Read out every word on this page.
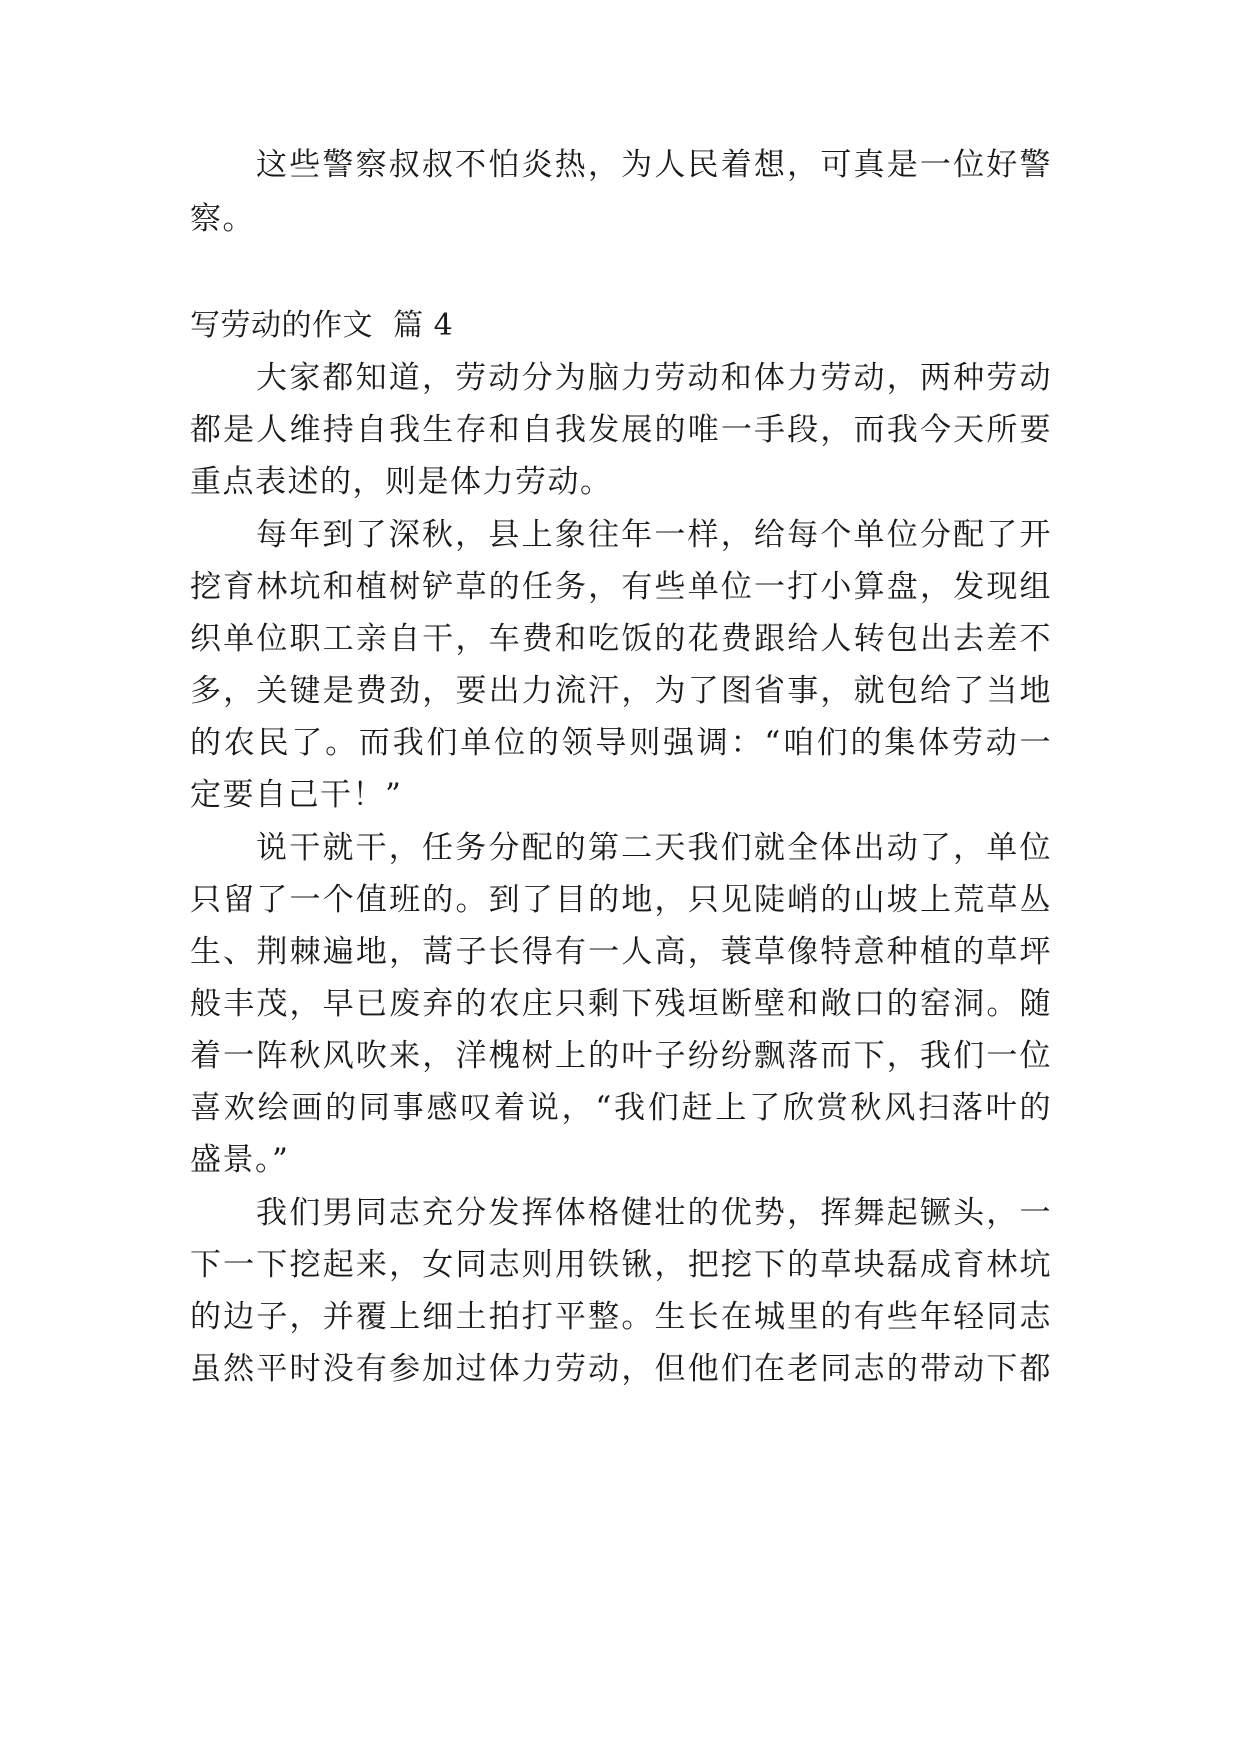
这些警察叔叔不怕炎热，为人民着想，可真是一位好警
察。
写劳动的作文  篇 4
大家都知道，劳动分为脑力劳动和体力劳动，两种劳动
都是人维持自我生存和自我发展的唯一手段，而我今天所要
重点表述的，则是体力劳动。
每年到了深秋，县上象往年一样，给每个单位分配了开
挖育林坑和植树铲草的任务，有些单位一打小算盘，发现组
织单位职工亲自干，车费和吃饭的花费跟给人转包出去差不
多，关键是费劲，要出力流汗，为了图省事，就包给了当地
的农民了。而我们单位的领导则强调：“咱们的集体劳动一
定要自己干！”
说干就干，任务分配的第二天我们就全体出动了，单位
只留了一个值班的。到了目的地，只见陡峭的山坡上荒草丛
生、荆棘遍地，蒿子长得有一人高，蓑草像特意种植的草坪
般丰茂，早已废弃的农庄只剩下残垣断壁和敞口的窑洞。随
着一阵秋风吹来，洋槐树上的叶子纷纷飘落而下，我们一位
喜欢绘画的同事感叹着说，“我们赶上了欣赏秋风扫落叶的
盛景。”
我们男同志充分发挥体格健壮的优势，挥舞起镢头，一
下一下挖起来，女同志则用铁锹，把挖下的草块磊成育林坑
的边子，并覆上细土拍打平整。生长在城里的有些年轻同志
虽然平时没有参加过体力劳动，但他们在老同志的带动下都
